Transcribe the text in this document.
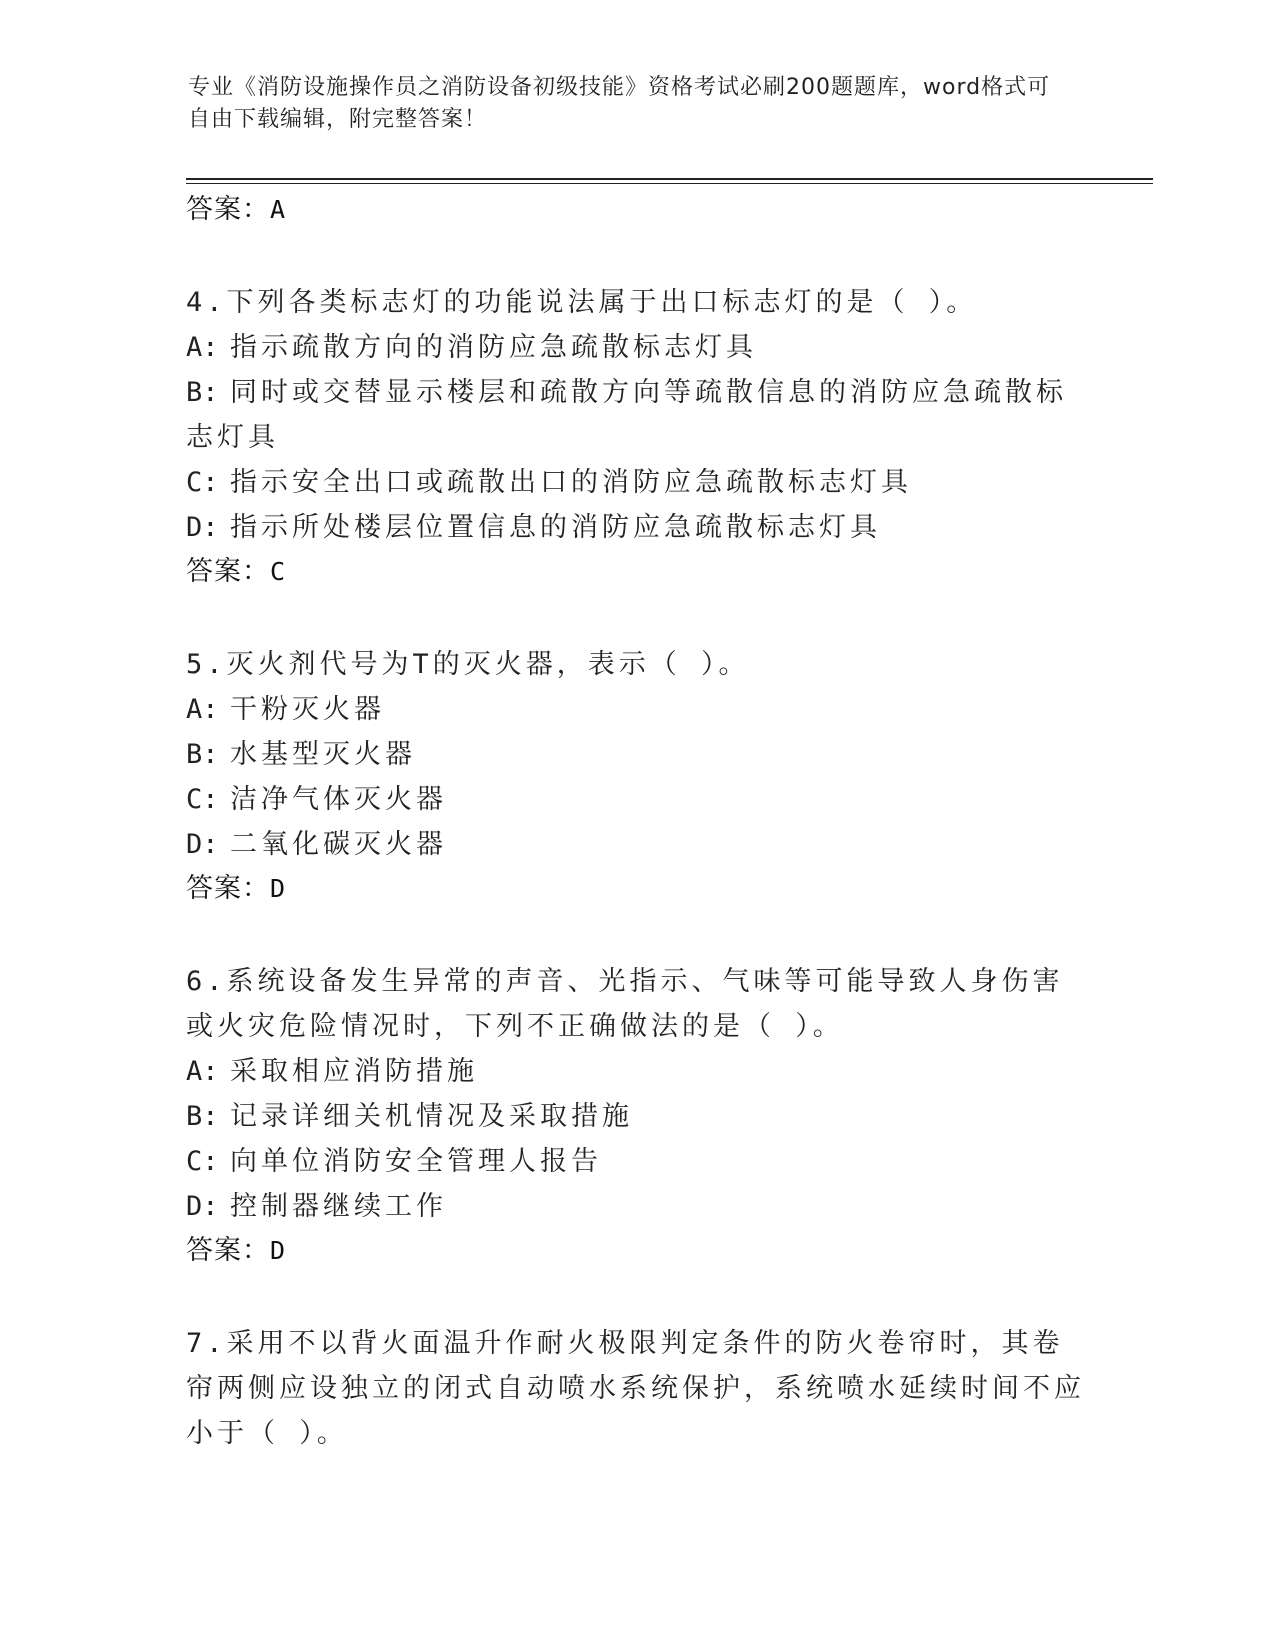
专业《消防设施操作员之消防设备初级技能》资格考试必刷200题题库，word格式可自由下载编辑，附完整答案！
答案：A
4.下列各类标志灯的功能说法属于出口标志灯的是（ ）。
A: 指示疏散方向的消防应急疏散标志灯具
B: 同时或交替显示楼层和疏散方向等疏散信息的消防应急疏散标志灯具
C: 指示安全出口或疏散出口的消防应急疏散标志灯具
D: 指示所处楼层位置信息的消防应急疏散标志灯具
答案：C
5.灭火剂代号为T的灭火器，表示（ ）。
A: 干粉灭火器
B: 水基型灭火器
C: 洁净气体灭火器
D: 二氧化碳灭火器
答案：D
6.系统设备发生异常的声音、光指示、气味等可能导致人身伤害或火灾危险情况时，下列不正确做法的是（ ）。
A: 采取相应消防措施
B: 记录详细关机情况及采取措施
C: 向单位消防安全管理人报告
D: 控制器继续工作
答案：D
7.采用不以背火面温升作耐火极限判定条件的防火卷帘时，其卷帘两侧应设独立的闭式自动喷水系统保护，系统喷水延续时间不应小于（ ）。
